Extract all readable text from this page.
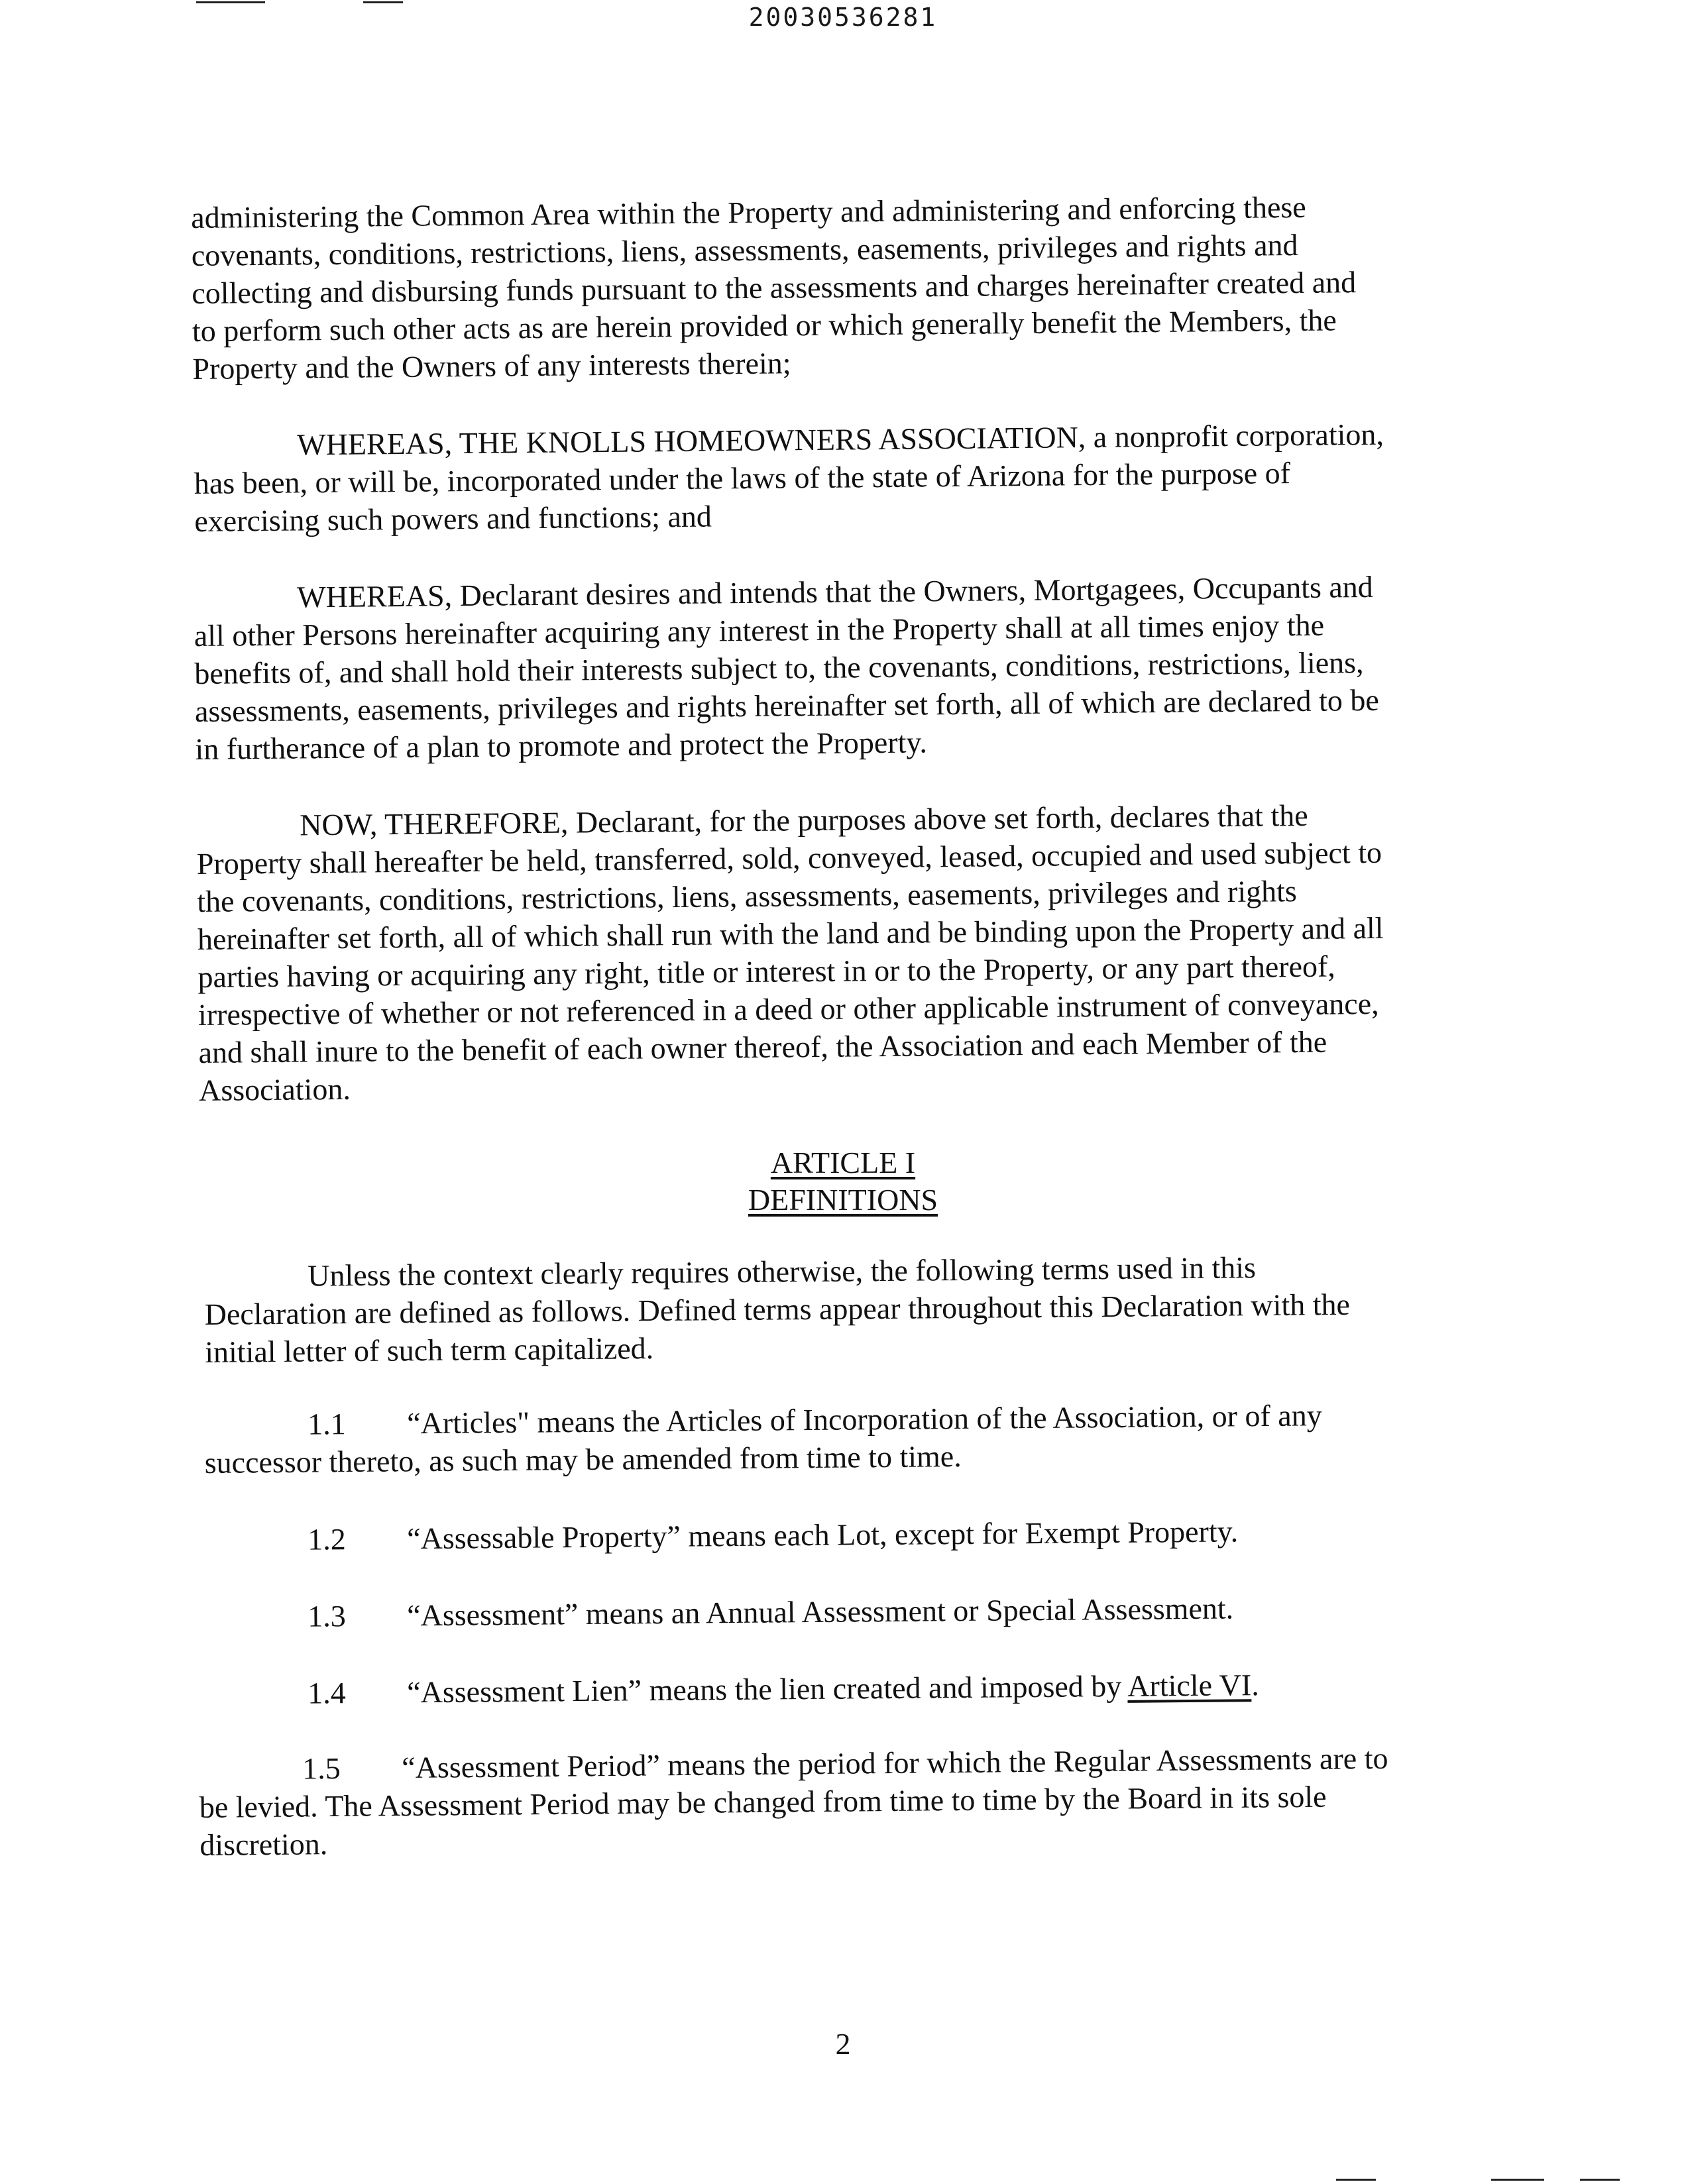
20030536281
administering the Common Area within the Property and administering and enforcing these
covenants, conditions, restrictions, liens, assessments, easements, privileges and rights and
collecting and disbursing funds pursuant to the assessments and charges hereinafter created and
to perform such other acts as are herein provided or which generally benefit the Members, the
Property and the Owners of any interests therein;
WHEREAS, THE KNOLLS HOMEOWNERS ASSOCIATION, a nonprofit corporation,
has been, or will be, incorporated under the laws of the state of Arizona for the purpose of
exercising such powers and functions; and
WHEREAS, Declarant desires and intends that the Owners, Mortgagees, Occupants and
all other Persons hereinafter acquiring any interest in the Property shall at all times enjoy the
benefits of, and shall hold their interests subject to, the covenants, conditions, restrictions, liens,
assessments, easements, privileges and rights hereinafter set forth, all of which are declared to be
in furtherance of a plan to promote and protect the Property.
NOW, THEREFORE, Declarant, for the purposes above set forth, declares that the
Property shall hereafter be held, transferred, sold, conveyed, leased, occupied and used subject to
the covenants, conditions, restrictions, liens, assessments, easements, privileges and rights
hereinafter set forth, all of which shall run with the land and be binding upon the Property and all
parties having or acquiring any right, title or interest in or to the Property, or any part thereof,
irrespective of whether or not referenced in a deed or other applicable instrument of conveyance,
and shall inure to the benefit of each owner thereof, the Association and each Member of the
Association.
ARTICLE I
DEFINITIONS
Unless the context clearly requires otherwise, the following terms used in this
Declaration are defined as follows. Defined terms appear throughout this Declaration with the
initial letter of such term capitalized.
1.1 “Articles" means the Articles of Incorporation of the Association, or of any
successor thereto, as such may be amended from time to time.
1.2 “Assessable Property” means each Lot, except for Exempt Property.
1.3 “Assessment” means an Annual Assessment or Special Assessment.
1.4 “Assessment Lien” means the lien created and imposed by Article VI.
1.5 “Assessment Period” means the period for which the Regular Assessments are to
be levied. The Assessment Period may be changed from time to time by the Board in its sole
discretion.
2
